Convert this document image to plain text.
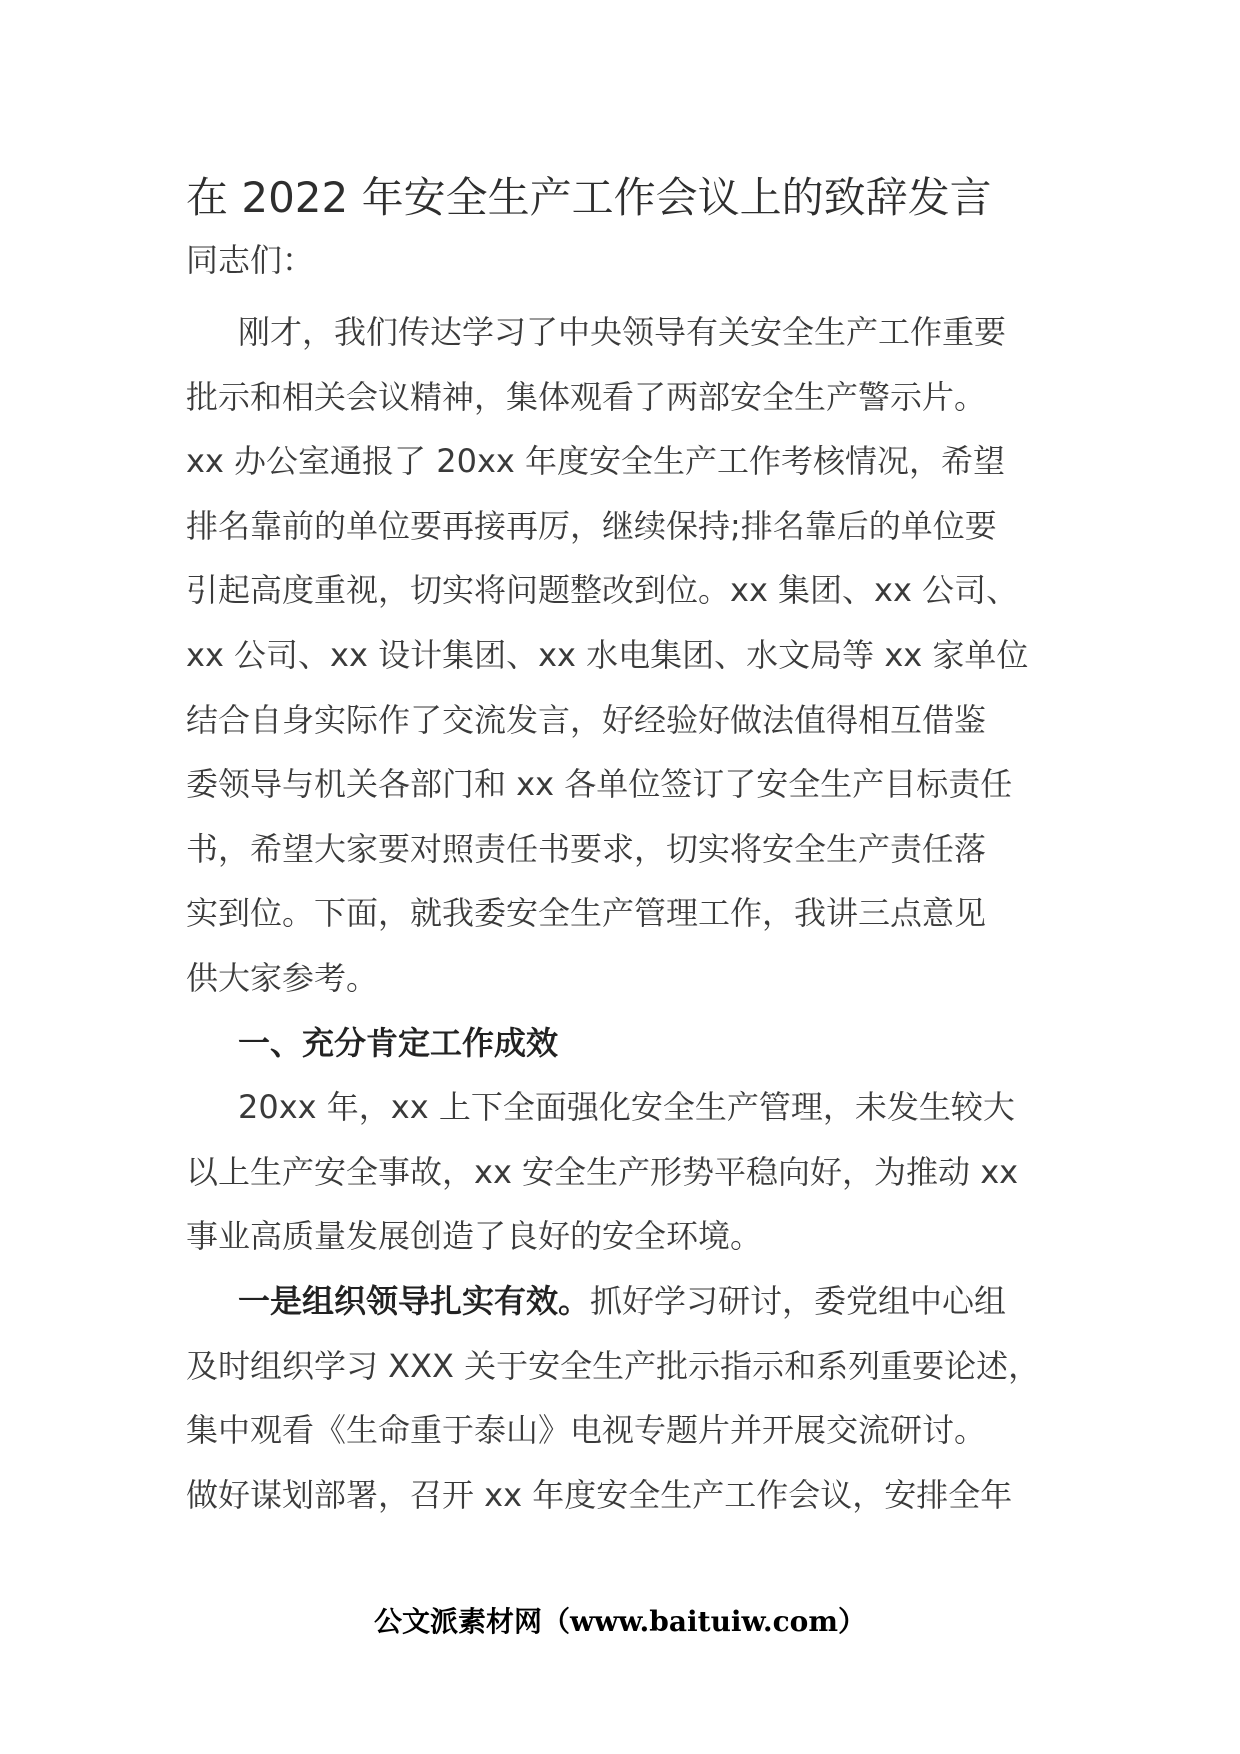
在 2022 年安全生产工作会议上的致辞发言

同志们：

刚才，我们传达学习了中央领导有关安全生产工作重要
批示和相关会议精神，集体观看了两部安全生产警示片。
xx 办公室通报了 20xx 年度安全生产工作考核情况，希望
排名靠前的单位要再接再厉，继续保持;排名靠后的单位要
引起高度重视，切实将问题整改到位。xx 集团、xx 公司、
xx 公司、xx 设计集团、xx 水电集团、水文局等 xx 家单位
结合自身实际作了交流发言，好经验好做法值得相互借鉴
委领导与机关各部门和 xx 各单位签订了安全生产目标责任
书，希望大家要对照责任书要求，切实将安全生产责任落
实到位。下面，就我委安全生产管理工作，我讲三点意见
供大家参考。
一、充分肯定工作成效
20xx 年，xx 上下全面强化安全生产管理，未发生较大
以上生产安全事故，xx 安全生产形势平稳向好，为推动 xx
事业高质量发展创造了良好的安全环境。
一是组织领导扎实有效。抓好学习研讨，委党组中心组
及时组织学习 XXX 关于安全生产批示指示和系列重要论述，
集中观看《生命重于泰山》电视专题片并开展交流研讨。
做好谋划部署，召开 xx 年度安全生产工作会议，安排全年
公文派素材网（www.baituiw.com）
